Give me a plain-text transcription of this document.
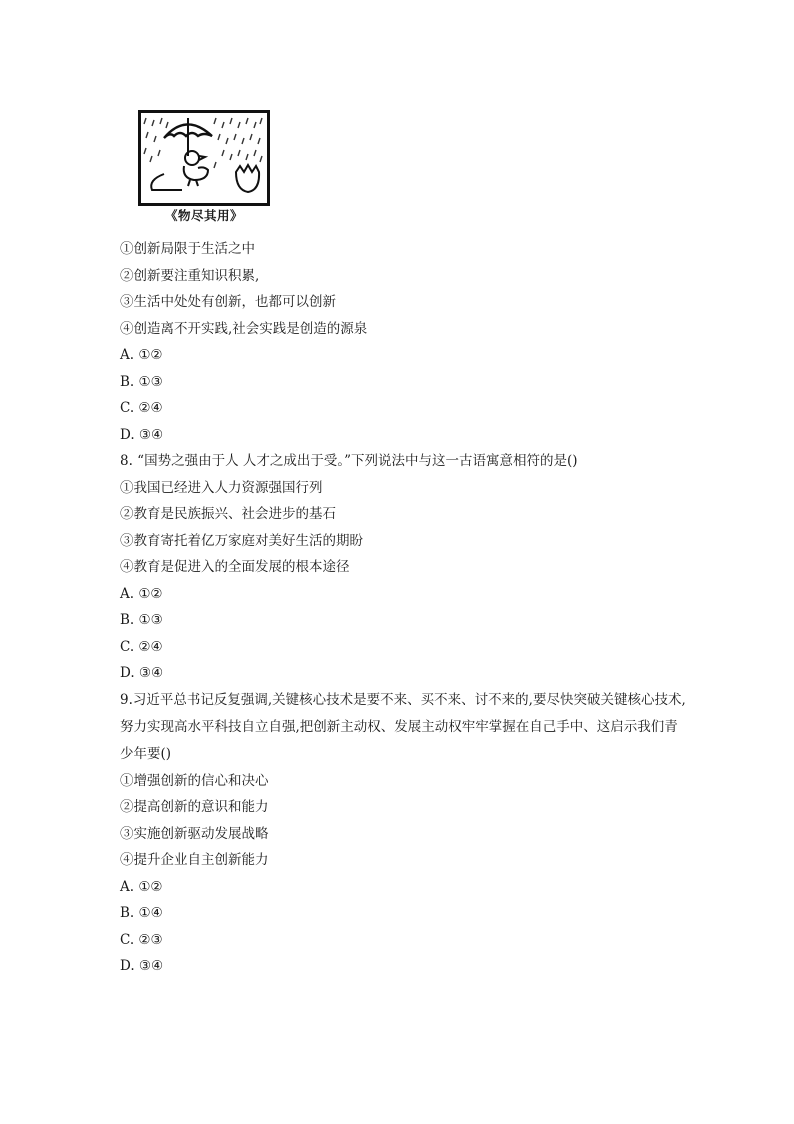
《物尽其用》
①创新局限于生活之中
②创新要注重知识积累,
③生活中处处有创新，也都可以创新
④创造离不开实践,社会实践是创造的源泉
A. ①②
B. ①③
C. ②④
D. ③④
8. “国势之强由于人 人才之成出于受。”下列说法中与这一古语寓意相符的是()
①我国已经进入人力资源强国行列
②教育是民族振兴、社会进步的基石
③教育寄托着亿万家庭对美好生活的期盼
④教育是促进入的全面发展的根本途径
A. ①②
B. ①③
C. ②④
D. ③④
9.习近平总书记反复强调,关键核心技术是要不来、买不来、讨不来的,要尽快突破关键核心技术,努力实现高水平科技自立自强,把创新主动权、发展主动权牢牢掌握在自己手中、这启示我们青少年要()
①增强创新的信心和决心
②提高创新的意识和能力
③实施创新驱动发展战略
④提升企业自主创新能力
A. ①②
B. ①④
C. ②③
D. ③④
